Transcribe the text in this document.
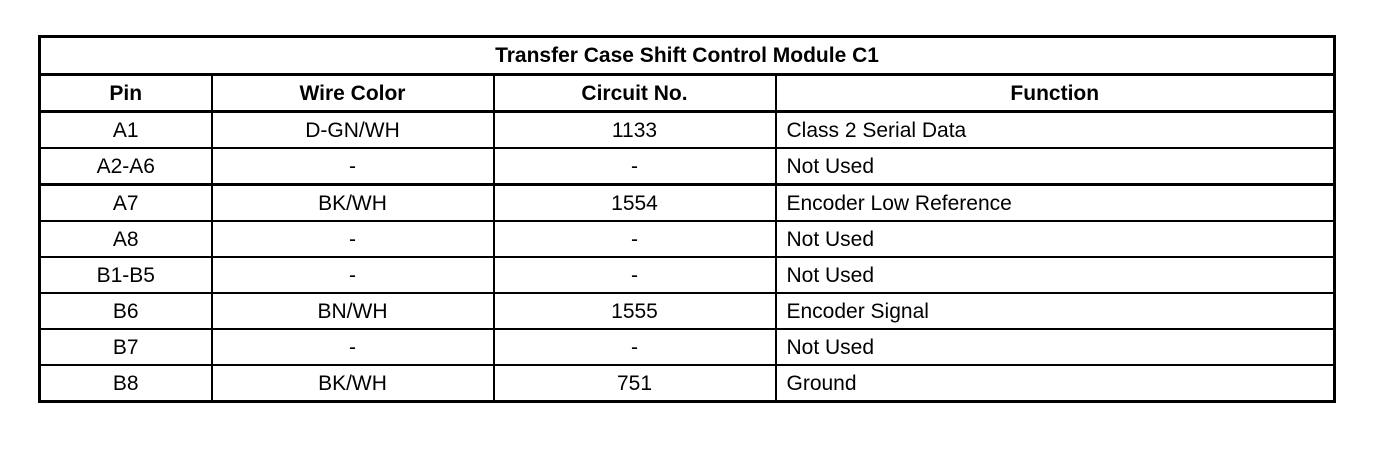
Transfer Case Shift Control Module C1			
Pin	Wire Color	Circuit No.	Function
A1	D-GN/WH	1133	Class 2 Serial Data
A2-A6	-	-	Not Used
A7	BK/WH	1554	Encoder Low Reference
A8	-	-	Not Used
B1-B5	-	-	Not Used
B6	BN/WH	1555	Encoder Signal
B7	-	-	Not Used
B8	BK/WH	751	Ground
